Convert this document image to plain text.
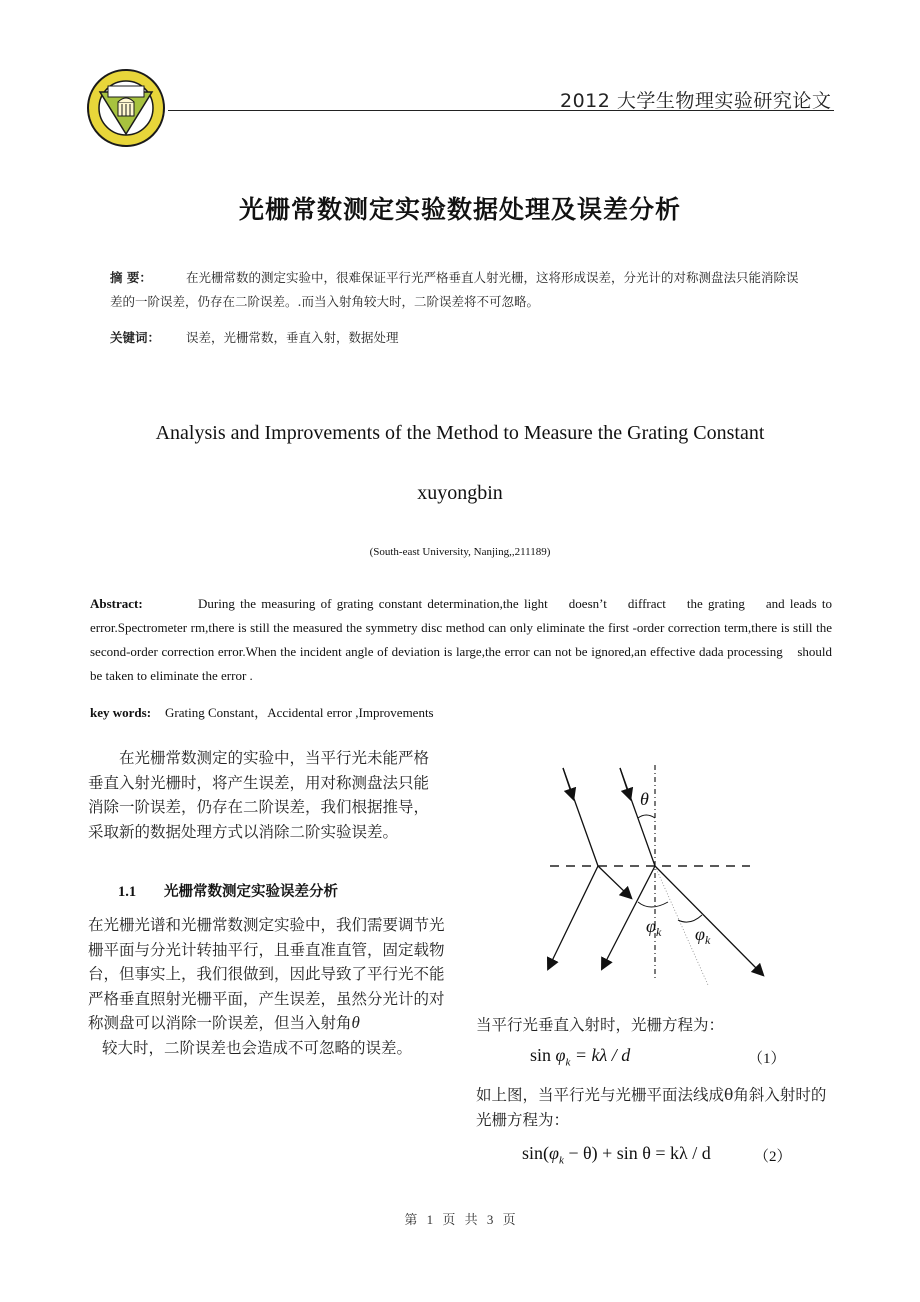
2012 大学生物理实验研究论文
光栅常数测定实验数据处理及误差分析
摘 要：	在光栅常数的测定实验中，很难保证平行光严格垂直人射光栅，这将形成误差，分光计的对称测盘法只能消除误差的一阶误差，仍存在二阶误差。.而当入射角较大时，二阶误差将不可忽略。
关键词： 误差，光栅常数，垂直入射，数据处理
Analysis and Improvements of the Method to Measure the Grating Constant
xuyongbin
(South-east University, Nanjing,,211189)
Abstract:	During the measuring of grating constant determination,the light    doesn’t    diffract    the grating    and leads to error.Spectrometer rm,there is still the measured the symmetry disc method can only eliminate the first -order correction term,there is still the second-order correction error.When the incident angle of deviation is large,the error can not be ignored,an effective dada processing    should    be taken to eliminate the error .
key words: Grating Constant，Accidental error ,Improvements
在光栅常数测定的实验中，当平行光未能严格垂直入射光栅时，将产生误差，用对称测盘法只能消除一阶误差，仍存在二阶误差，我们根据推导，采取新的数据处理方式以消除二阶实验误差。
1.1 光栅常数测定实验误差分析
在光栅光谱和光栅常数测定实验中，我们需要调节光栅平面与分光计转抽平行，且垂直准直管，固定载物台，但事实上，我们很做到，因此导致了平行光不能严格垂直照射光栅平面，产生误差，虽然分光计的对称测盘可以消除一阶误差，但当入射角θ
较大时，二阶误差也会造成不可忽略的误差。
θ
$\varphi_k$ $\varphi_k$
当平行光垂直入射时，光栅方程为：
$\sin \varphi_k = k\lambda / d$	（1）
如上图，当平行光与光栅平面法线成θ角斜入射时的光栅方程为：
$\sin(\varphi_k - \theta) + \sin \theta = k\lambda / d$	（2）
第 1 页 共 3 页
